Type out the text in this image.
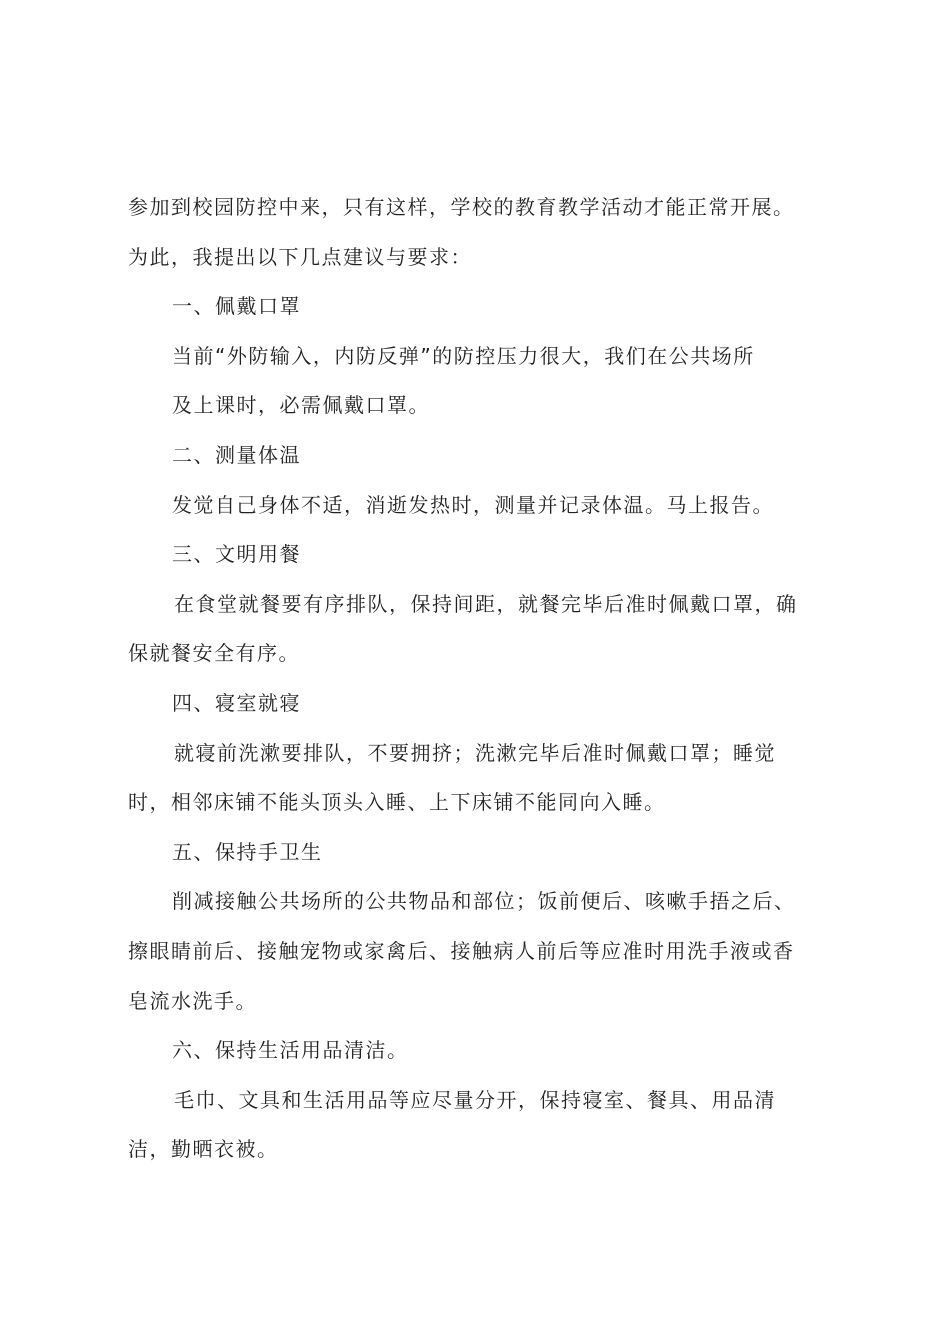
参加到校园防控中来，只有这样，学校的教育教学活动才能正常开展。
为此，我提出以下几点建议与要求：
一、佩戴口罩
当前“外防输入，内防反弹”的防控压力很大，我们在公共场所
及上课时，必需佩戴口罩。
二、测量体温
发觉自己身体不适，消逝发热时，测量并记录体温。马上报告。
三、文明用餐
在食堂就餐要有序排队，保持间距，就餐完毕后准时佩戴口罩，确
保就餐安全有序。
四、寝室就寝
就寝前洗漱要排队，不要拥挤；洗漱完毕后准时佩戴口罩；睡觉
时，相邻床铺不能头顶头入睡、上下床铺不能同向入睡。
五、保持手卫生
削减接触公共场所的公共物品和部位；饭前便后、咳嗽手捂之后、
擦眼睛前后、接触宠物或家禽后、接触病人前后等应准时用洗手液或香
皂流水洗手。
六、保持生活用品清洁。
毛巾、文具和生活用品等应尽量分开，保持寝室、餐具、用品清
洁，勤晒衣被。
